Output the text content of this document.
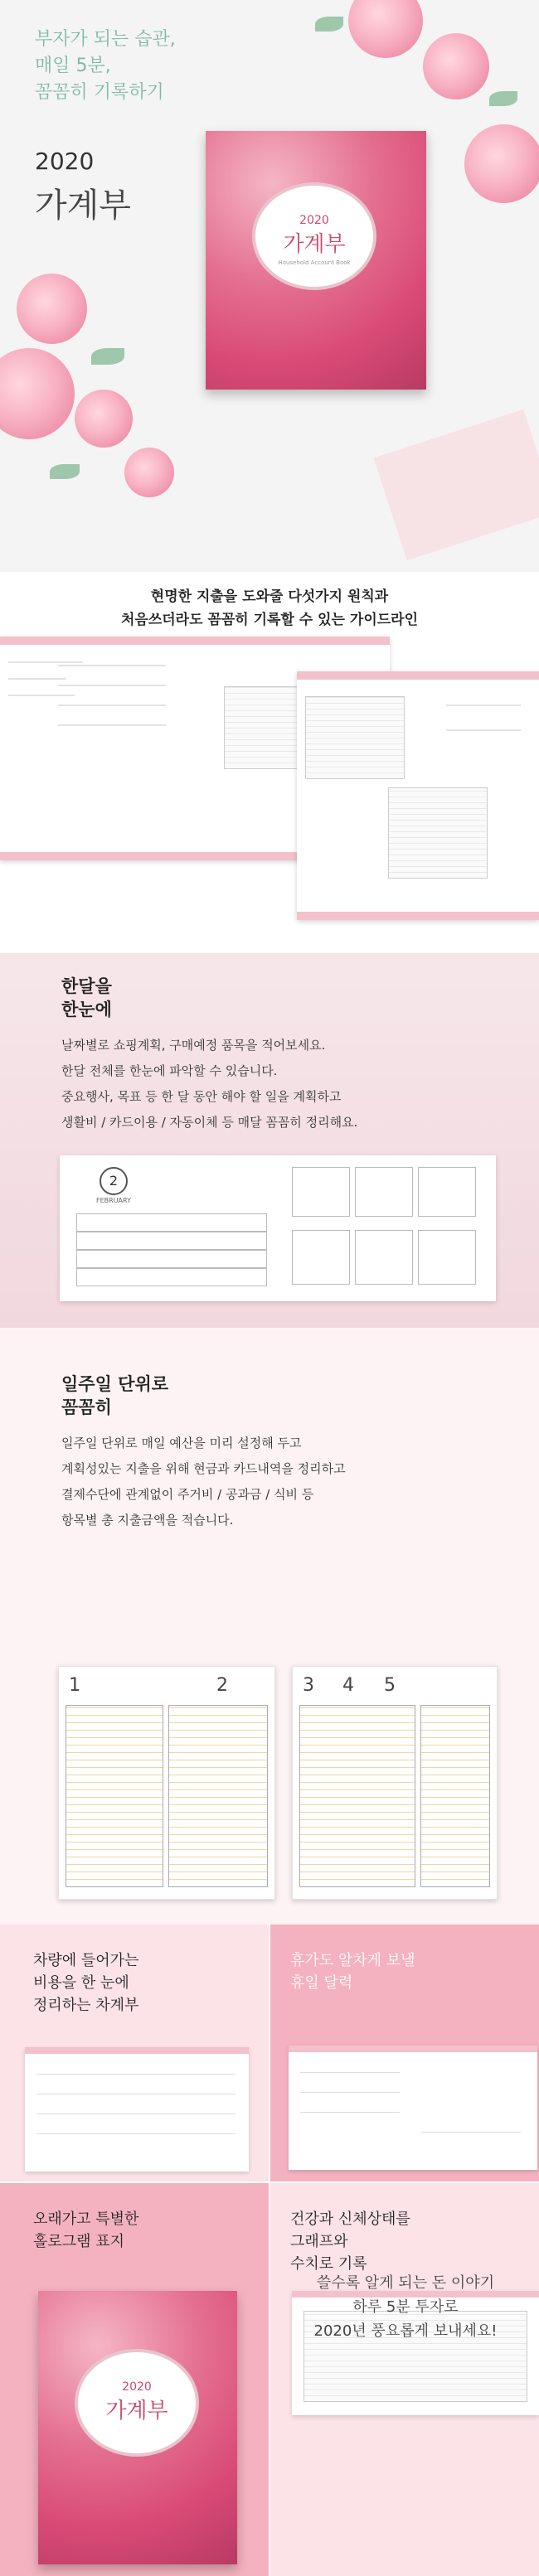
부자가 되는 습관,
매일 5분,
꼼꼼히 기록하기
2020
가계부	2020
가계부
Household Account Book
현명한 지출을 도와줄 다섯가지 원칙과
처음쓰더라도 꼼꼼히 기록할 수 있는 가이드라인
한달을
한눈에
날짜별로 쇼핑계획, 구매예정 품목을 적어보세요.
한달 전체를 한눈에 파악할 수 있습니다.
중요행사, 목표 등 한 달 동안 해야 할 일을 계획하고
생활비 / 카드이용 / 자동이체 등 매달 꼼꼼히 정리해요.
2
FEBRUARY
일주일 단위로
꼼꼼히
일주일 단위로 매일 예산을 미리 설정해 두고
계획성있는 지출을 위해 현금과 카드내역을 정리하고
결제수단에 관계없이 주거비 / 공과금 / 식비 등
항목별 총 지출금액을 적습니다.
1	2	3 4 5
차량에 들어가는
비용을 한 눈에
정리하는 차계부
휴가도 알차게 보낼
휴일 달력
오래가고 특별한
홀로그램 표지
2020
가계부
건강과 신체상태를
그래프와
수치로 기록
쓸수록 알게 되는 돈 이야기
하루 5분 투자로
2020년 풍요롭게 보내세요!
